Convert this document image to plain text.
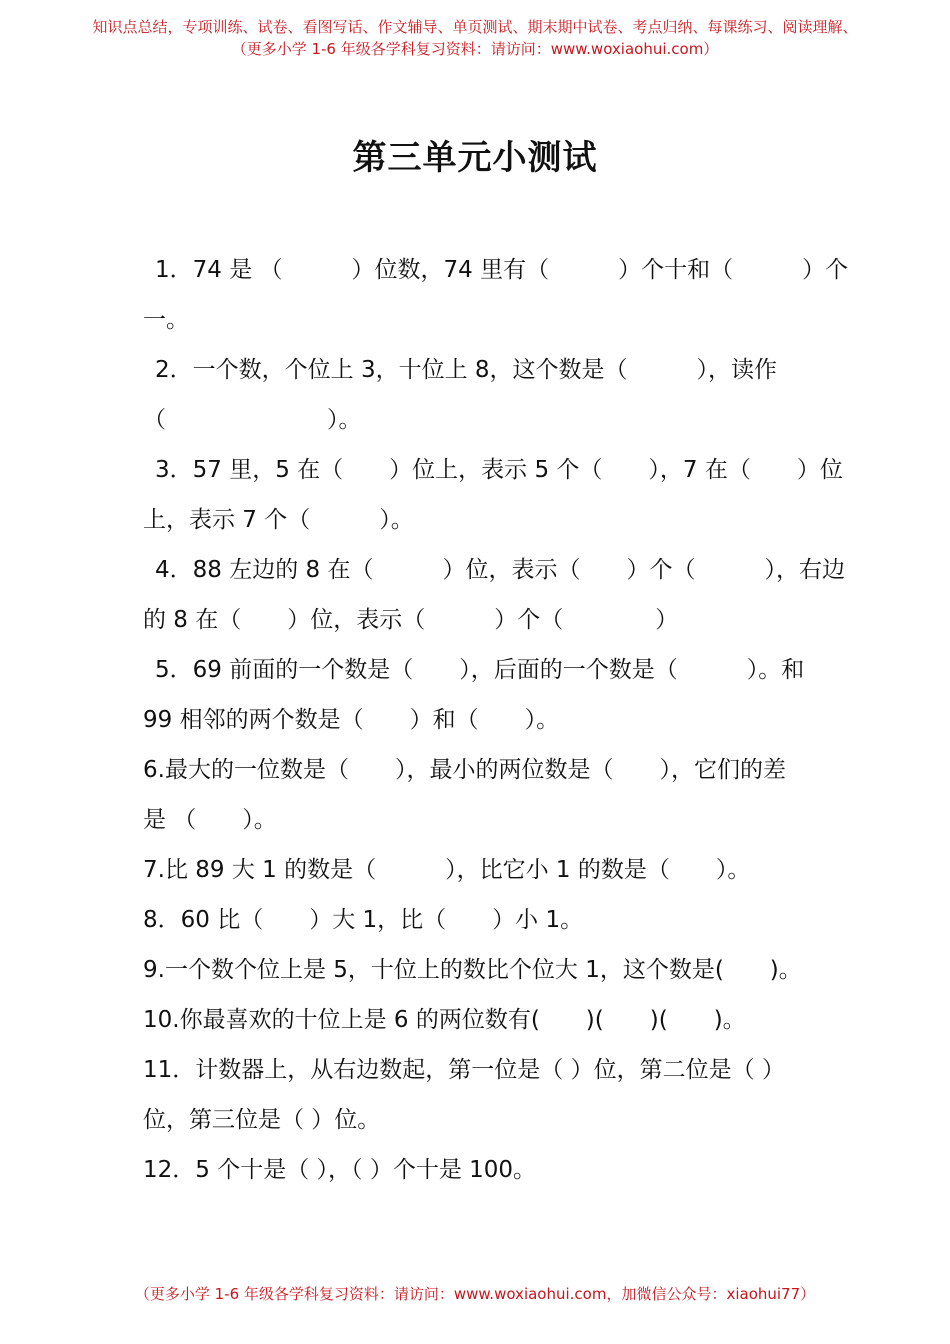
知识点总结，专项训练、试卷、看图写话、作文辅导、单页测试、期末期中试卷、考点归纳、每课练习、阅读理解、
（更多小学 1-6 年级各学科复习资料：请访问：www.woxiaohui.com）
第三单元小测试
1．74 是 （　　　）位数，74 里有（　　　）个十和（　　　）个
一。
2．一个数，个位上 3，十位上 8，这个数是（　　　），读作
（　　　　　　　）。
3．57 里，5 在（　　）位上，表示 5 个（　　），7 在（　　）位
上，表示 7 个（　　　）。
4．88 左边的 8 在（　　　）位，表示（　　）个（　　　），右边
的 8 在（　　）位，表示（　　　）个（　　　　）
5．69 前面的一个数是（　　），后面的一个数是（　　　）。和
99 相邻的两个数是（　　）和（　　）。
6.最大的一位数是（　　），最小的两位数是（　　），它们的差
是 （　　）。
7.比 89 大 1 的数是（　　　），比它小 1 的数是（　　）。
8．60 比（　　）大 1，比（　　）小 1。
9.一个数个位上是 5，十位上的数比个位大 1，这个数是(　　)。
10.你最喜欢的十位上是 6 的两位数有(　　)(　　)(　　)。
11．计数器上，从右边数起，第一位是（ ）位，第二位是（ ）
位，第三位是（ ）位。
12．5 个十是（ ），（ ）个十是 100。
（更多小学 1-6 年级各学科复习资料：请访问：www.woxiaohui.com，加微信公众号：xiaohui77）
